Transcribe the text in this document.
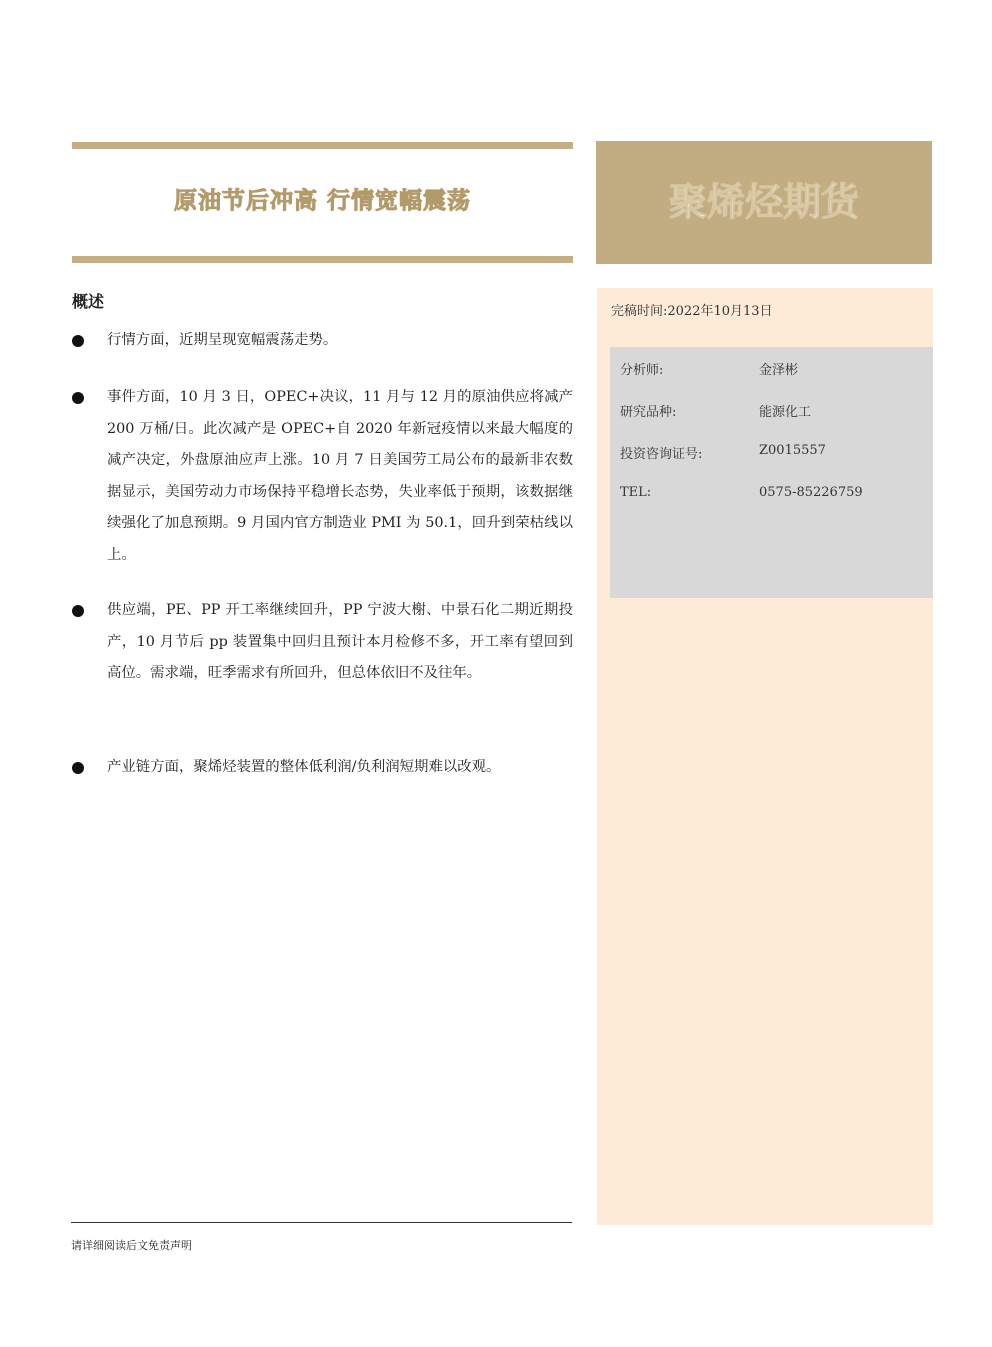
原油节后冲高 行情宽幅震荡	聚烯烃期货
完稿时间:2022年10月13日
分析师:	金泽彬
研究品种:	能源化工
投资咨询证号:	Z0015557
TEL:	0575-85226759
概述
行情方面，近期呈现宽幅震荡走势。
事件方面，10 月 3 日，OPEC+决议，11 月与 12 月的原油供应将减产 200 万桶/日。此次减产是 OPEC+自 2020 年新冠疫情以来最大幅度的减产决定，外盘原油应声上涨。10 月 7 日美国劳工局公布的最新非农数据显示，美国劳动力市场保持平稳增长态势，失业率低于预期，该数据继续强化了加息预期。9 月国内官方制造业 PMI 为 50.1，回升到荣枯线以上。
供应端，PE、PP 开工率继续回升，PP 宁波大榭、中景石化二期近期投产，10 月节后 pp 装置集中回归且预计本月检修不多，开工率有望回到高位。需求端，旺季需求有所回升，但总体依旧不及往年。
产业链方面，聚烯烃装置的整体低利润/负利润短期难以改观。
请详细阅读后文免责声明
